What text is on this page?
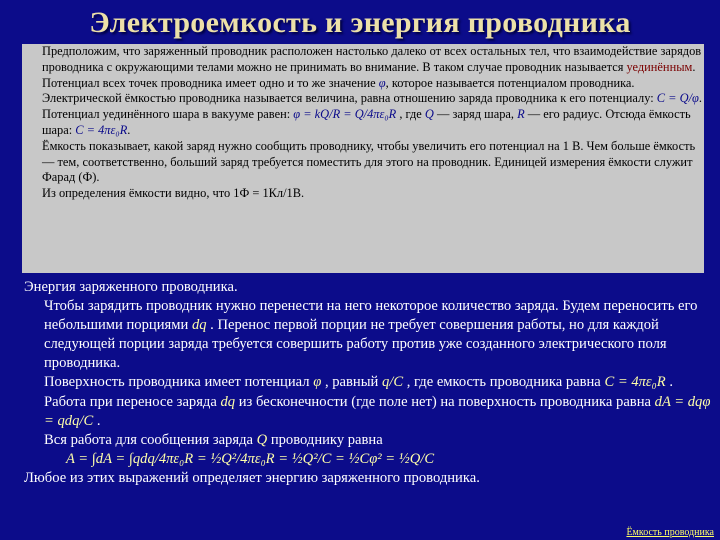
Электроемкость и энергия проводника

Предположим, что заряженный проводник расположен настолько далеко от всех остальных тел, что взаимодействие зарядов проводника с окружающими телами можно не принимать во внимание. В таком случае проводник называется уединённым. Потенциал всех точек проводника имеет одно и то же значение φ, которое называется потенциалом проводника.

Электрической ёмкостью проводника называется величина, равна отношению заряда проводника к его потенциалу: C = Q/φ.

Потенциал уединённого шара в вакууме равен: φ = kQ/R = Q/4πε₀R , где Q — заряд шара, R — его радиус. Отсюда ёмкость шара: C = 4πε₀R.

Ёмкость показывает, какой заряд нужно сообщить проводнику, чтобы увеличить его потенциал на 1 В. Чем больше ёмкость — тем, соответственно, больший заряд требуется поместить для этого на проводник. Единицей измерения ёмкости служит Фарад (Ф).

Из определения ёмкости видно, что 1Ф = 1Кл/1В.

Энергия заряженного проводника.

Чтобы зарядить проводник нужно перенести на него некоторое количество заряда. Будем переносить его небольшими порциями dq . Перенос первой порции не требует совершения работы, но для каждой следующей порции заряда требуется совершить работу против уже созданного электрического поля проводника.

Поверхность проводника имеет потенциал φ , равный q/C , где емкость проводника равна C = 4πε₀R . Работа при переносе заряда dq из бесконечности (где поле нет) на поверхность проводника равна dA = dqφ = qdq/C .

Вся работа для сообщения заряда Q проводнику равна

A = ∫dA = ∫qdq/4πε₀R = ½Q²/4πε₀R = ½Q²/C = ½Cφ² = ½Q/C

Любое из этих выражений определяет энергию заряженного проводника.

Ёмкость проводника
